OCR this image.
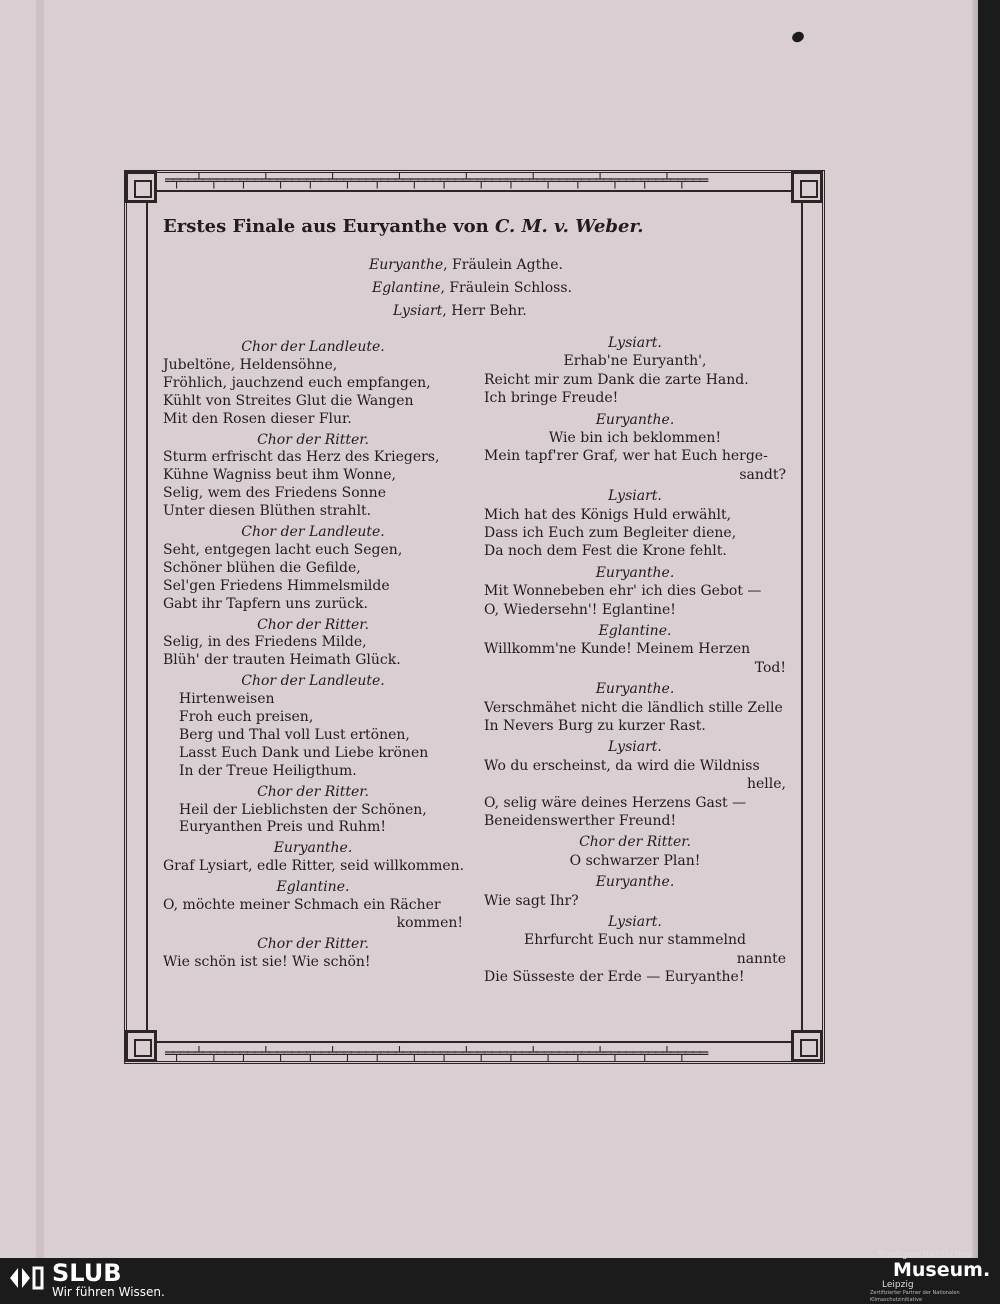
═╤══╧═╤═══╤══╧═╤═══╤══╧═╤═══╤══╧═╤═══╤══╧═╤═══╤══╧═╤═══╤══╧═╤═══╤══╧═╤═══
═╤══╧═╤═══╤══╧═╤═══╤══╧═╤═══╤══╧═╤═══╤══╧═╤═══╤══╧═╤═══╤══╧═╤═══╤══╧═╤═══
Erstes Finale aus Euryanthe von C. M. v. Weber.
Euryanthe, Fräulein Agthe.
Eglantine, Fräulein Schloss.
Lysiart, Herr Behr.
Chor der Landleute.
Jubeltöne, Heldensöhne,
Fröhlich, jauchzend euch empfangen,
Kühlt von Streites Glut die Wangen
Mit den Rosen dieser Flur.
Chor der Ritter.
Sturm erfrischt das Herz des Kriegers,
Kühne Wagniss beut ihm Wonne,
Selig, wem des Friedens Sonne
Unter diesen Blüthen strahlt.
Chor der Landleute.
Seht, entgegen lacht euch Segen,
Schöner blühen die Gefilde,
Sel'gen Friedens Himmelsmilde
Gabt ihr Tapfern uns zurück.
Chor der Ritter.
Selig, in des Friedens Milde,
Blüh' der trauten Heimath Glück.
Chor der Landleute.
Hirtenweisen
Froh euch preisen,
Berg und Thal voll Lust ertönen,
Lasst Euch Dank und Liebe krönen
In der Treue Heiligthum.
Chor der Ritter.
Heil der Lieblichsten der Schönen,
Euryanthen Preis und Ruhm!
Euryanthe.
Graf Lysiart, edle Ritter, seid willkommen.
Eglantine.
O, möchte meiner Schmach ein Rächer
kommen!
Chor der Ritter.
Wie schön ist sie! Wie schön!
Lysiart.
Erhab'ne Euryanth',
Reicht mir zum Dank die zarte Hand.
Ich bringe Freude!
Euryanthe.
Wie bin ich beklommen!
Mein tapf'rer Graf, wer hat Euch herge-
sandt?
Lysiart.
Mich hat des Königs Huld erwählt,
Dass ich Euch zum Begleiter diene,
Da noch dem Fest die Krone fehlt.
Euryanthe.
Mit Wonnebeben ehr' ich dies Gebot —
O, Wiedersehn'! Eglantine!
Eglantine.
Willkomm'ne Kunde! Meinem Herzen
Tod!
Euryanthe.
Verschmähet nicht die ländlich stille Zelle
In Nevers Burg zu kurzer Rast.
Lysiart.
Wo du erscheinst, da wird die Wildniss
helle,
O, selig wäre deines Herzens Gast —
Beneidenswerther Freund!
Chor der Ritter.
O schwarzer Plan!
Euryanthe.
Wie sagt Ihr?
Lysiart.
Ehrfurcht Euch nur stammelnd
nannte
Die Süsseste der Erde — Euryanthe!
SLUB
Wir führen Wissen.
Stadtgeschichtliches
Museum.
Leipzig
Zertifizierter Partner der Nationalen Klimaschutzinitiative
